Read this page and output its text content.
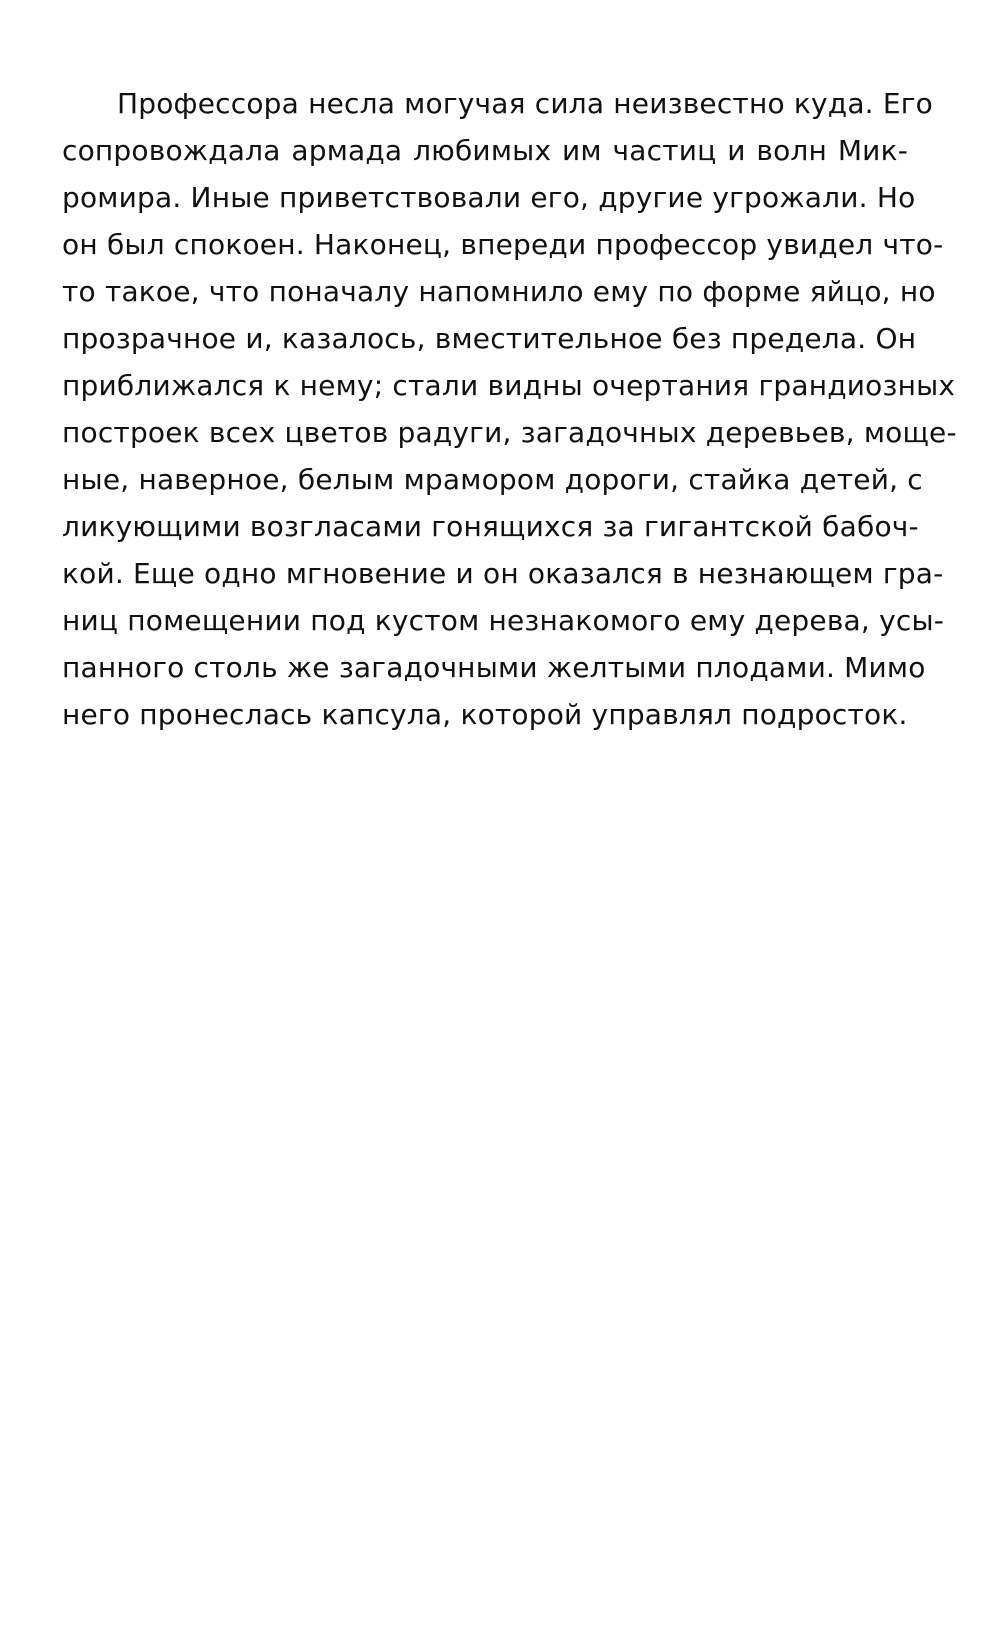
Профессора несла могучая сила неизвестно куда. Его
сопровождала армада любимых им частиц и волн Мик-
ромира. Иные приветствовали его, другие угрожали. Но
он был спокоен. Наконец, впереди профессор увидел что-
то такое, что поначалу напомнило ему по форме яйцо, но
прозрачное и, казалось, вместительное без предела. Он
приближался к нему; стали видны очертания грандиозных
построек всех цветов радуги, загадочных деревьев, моще-
ные, наверное, белым мрамором дороги, стайка детей, с
ликующими возгласами гонящихся за гигантской бабоч-
кой. Еще одно мгновение и он оказался в незнающем гра-
ниц помещении под кустом незнакомого ему дерева, усы-
панного столь же загадочными желтыми плодами. Мимо
него пронеслась капсула, которой управлял подросток.
